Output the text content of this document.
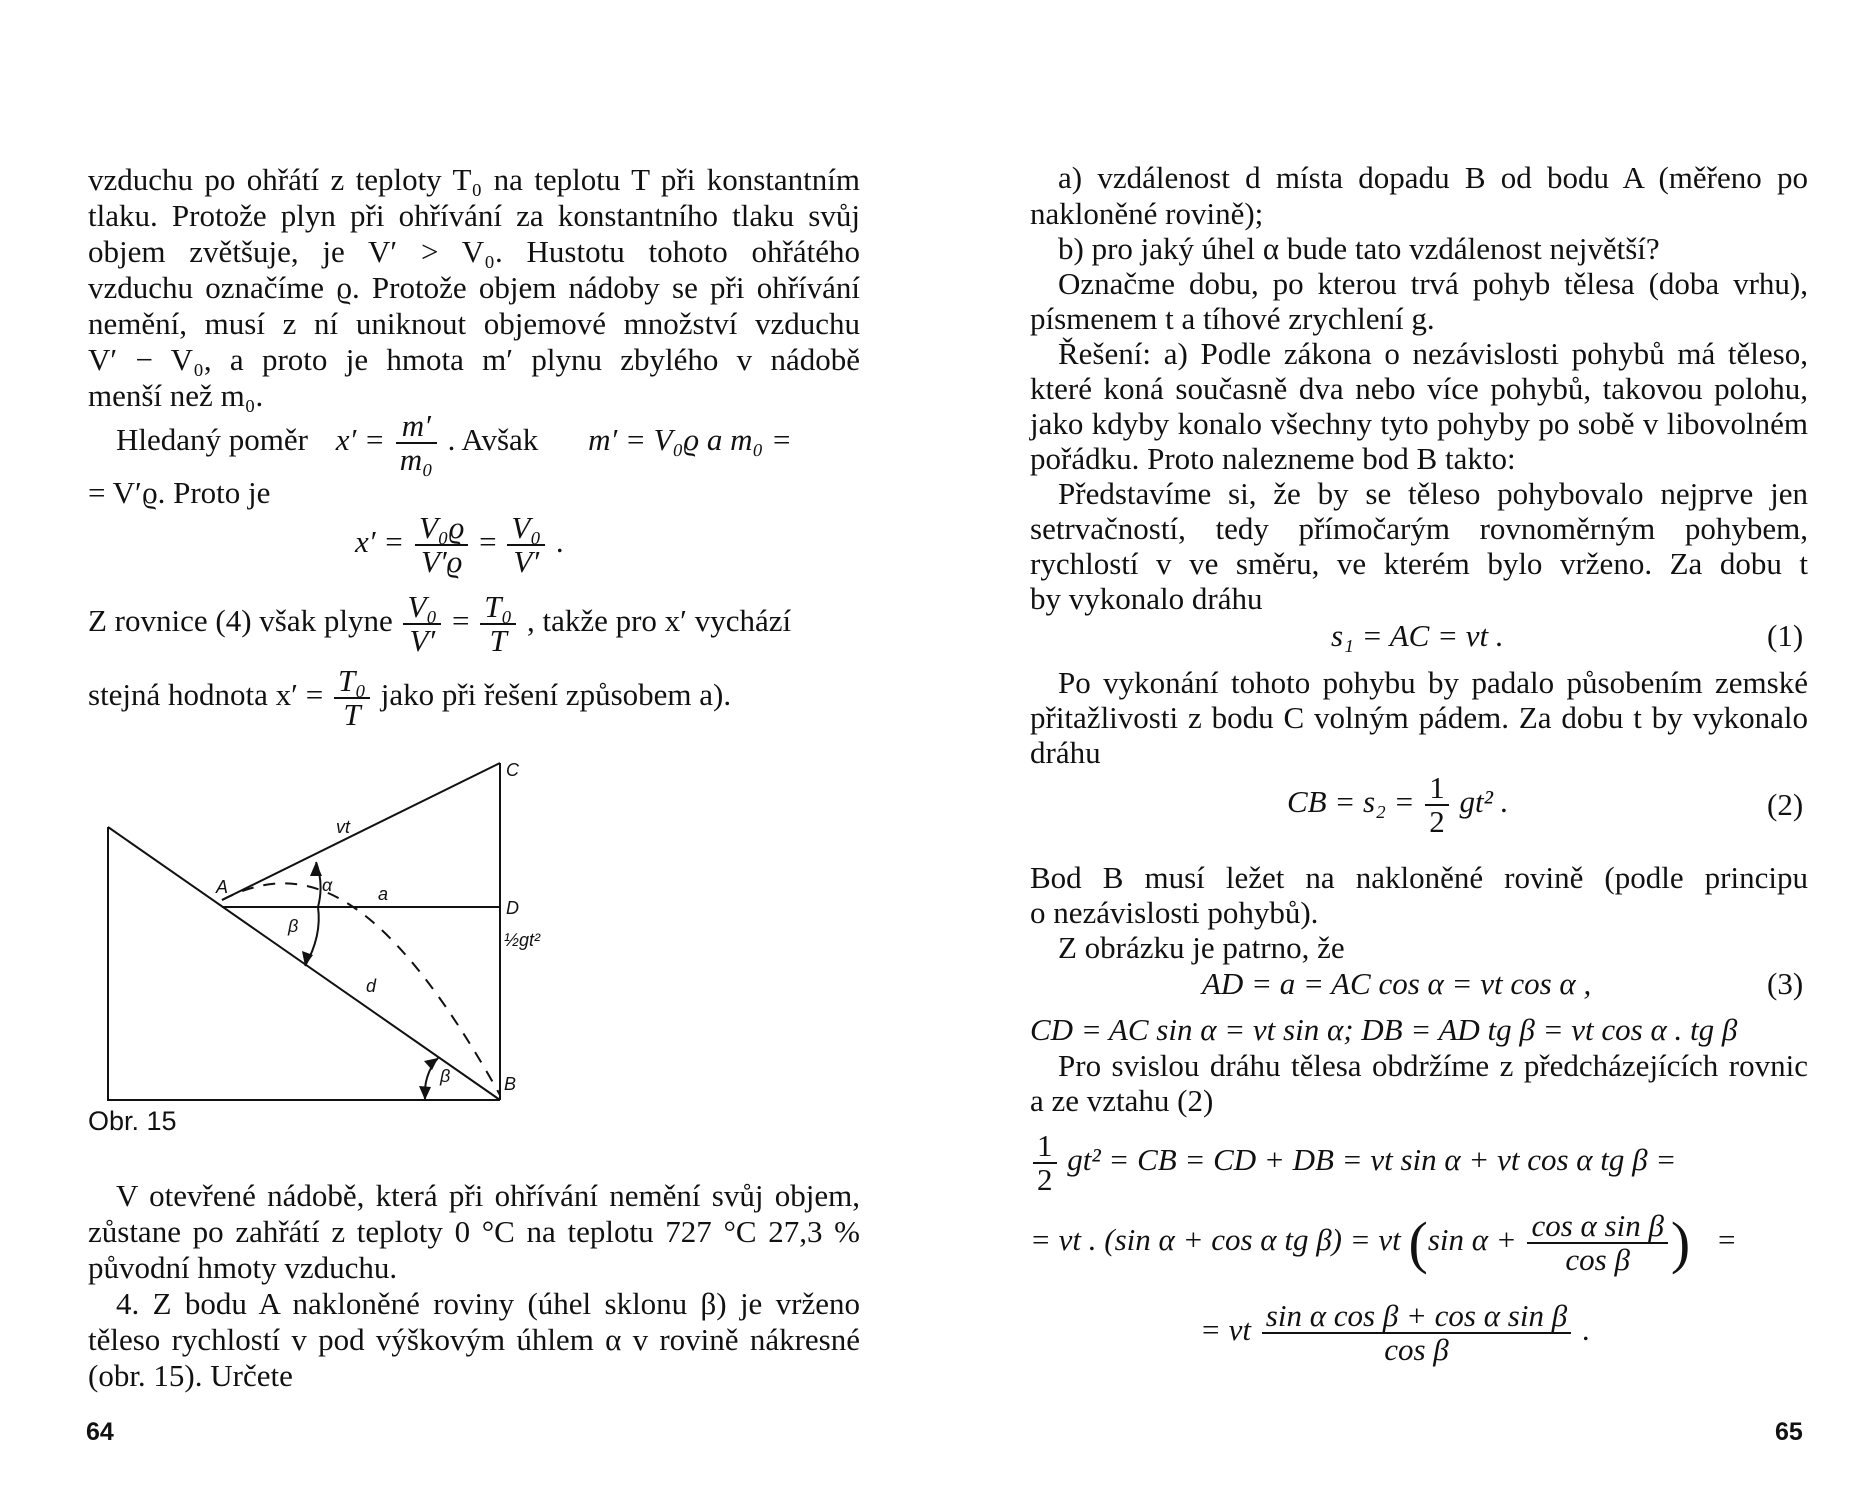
vzduchu po ohřátí z teploty T₀ na teplotu T při konstantním
tlaku. Protože plyn při ohřívání za konstantního tlaku svůj
objem zvětšuje, je V′ > V₀. Hustotu tohoto ohřátého
vzduchu označíme ϱ. Protože objem nádoby se při ohřívání
nemění, musí z ní uniknout objemové množství vzduchu
V′ − V₀, a proto je hmota m′ plynu zbylého v nádobě
menší než m₀.
Hledaný poměr $x' = \frac{m'}{\text{m₀}}$ . Avšak m′ = V₀ϱ a m₀ =
= V′ϱ. Proto je
$x' = \frac{\text{V₀ϱ}}{V'ϱ} = \frac{\text{V₀}}{V'}$ .
Z rovnice (4) však plyne $\frac{\text{V₀}}{V'} = \frac{\text{T₀}}{T}$ , takže pro x′ vychází
stejná hodnota $x' = \frac{\text{T₀}}{T}$ jako při řešení způsobem a).
C
A
D
B
vt
α	a
β
½gt²
d
β
Obr. 15
V otevřené nádobě, která při ohřívání nemění svůj objem,
zůstane po zahřátí z teploty 0 °C na teplotu 727 °C 27,3 %
původní hmoty vzduchu.
4. Z bodu A nakloněné roviny (úhel sklonu β) je vrženo
těleso rychlostí v pod výškovým úhlem α v rovině nákresné
(obr. 15). Určete
64
a) vzdálenost d místa dopadu B od bodu A (měřeno po
nakloněné rovině);
b) pro jaký úhel α bude tato vzdálenost největší?
Označme dobu, po kterou trvá pohyb tělesa (doba vrhu),
písmenem t a tíhové zrychlení g.
Řešení: a) Podle zákona o nezávislosti pohybů má těleso,
které koná současně dva nebo více pohybů, takovou polohu,
jako kdyby konalo všechny tyto pohyby po sobě v libovolném
pořádku. Proto nalezneme bod B takto:
Představíme si, že by se těleso pohybovalo nejprve jen
setrvačností, tedy přímočarým rovnoměrným pohybem,
rychlostí v ve směru, ve kterém bylo vrženo. Za dobu t
by vykonalo dráhu
s₁ = AC = vt .	(1)
Po vykonání tohoto pohybu by padalo působením zemské
přitažlivosti z bodu C volným pádem. Za dobu t by vykonalo
dráhu
CB = $s_2 = \frac{1}{2} gt^2$ .	(2)
Bod B musí ležet na nakloněné rovině (podle principu
o nezávislosti pohybů).
Z obrázku je patrno, že
AD = a = AC cos α = vt cos α ,	(3)
CD = AC sin α = vt sin α; DB = AD tg β = vt cos α . tg β
Pro svislou dráhu tělesa obdržíme z předcházejících rovnic
a ze vztahu (2)
$\frac{1}{2} gt^2$ = CB = CD + DB = vt sin α + vt cos α tg β =
= vt . (sin α + cos α tg β) = vt (sin $\alpha + \frac{\text{cos α sin β}}{\text{cos β}}$ ) =
= vt $\frac{\text{sin α cos β + cos α sin β}}{\text{cos β}}$ .
65
